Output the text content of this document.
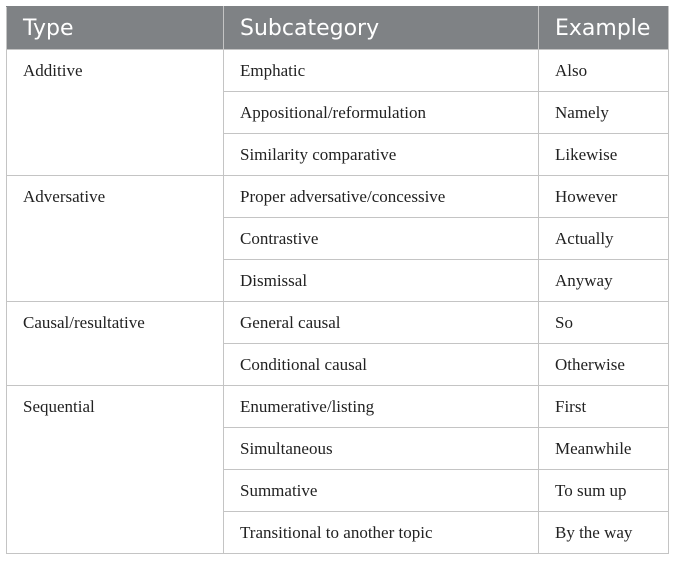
Type	Subcategory	Example
Additive	Emphatic	Also
	Appositional/reformulation	Namely
	Similarity comparative	Likewise
Adversative	Proper adversative/concessive	However
	Contrastive	Actually
	Dismissal	Anyway
Causal/resultative	General causal	So
	Conditional causal	Otherwise
Sequential	Enumerative/listing	First
	Simultaneous	Meanwhile
	Summative	To sum up
	Transitional to another topic	By the way
